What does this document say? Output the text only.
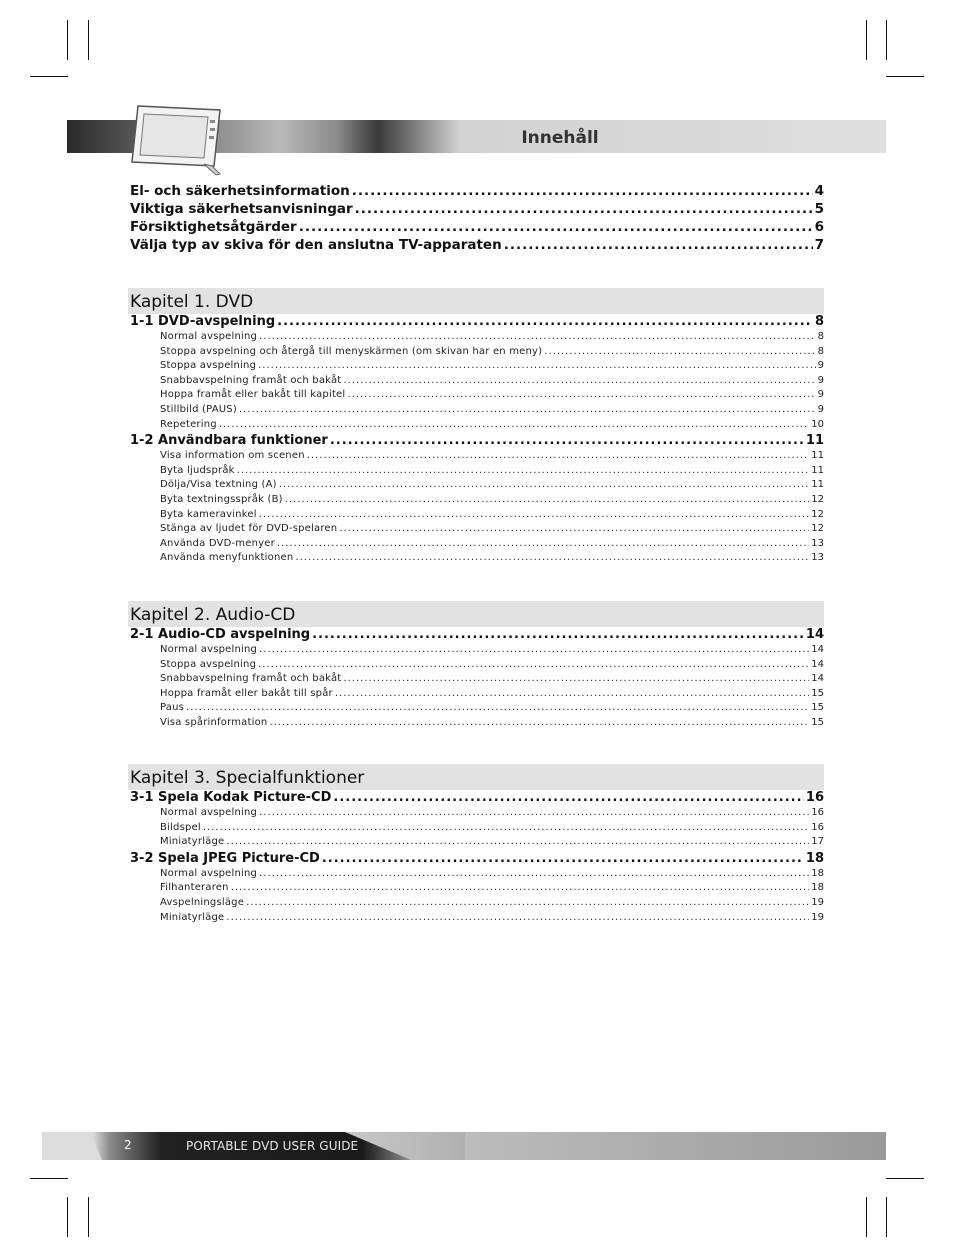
Innehåll
El- och säkerhetsinformation .....	4
Viktiga säkerhetsanvisningar .....	5
Försiktighetsåtgärder .....	6
Välja typ av skiva för den anslutna TV-apparaten .....	7
Kapitel 1. DVD
1-1 DVD-avspelning .....	8
Normal avspelning .....	8
Stoppa avspelning och återgå till menyskärmen (om skivan har en meny) .....	8
Stoppa avspelning .....	9
Snabbavspelning framåt och bakåt .....	9
Hoppa framåt eller bakåt till kapitel .....	9
Stillbild (PAUS) .....	9
Repetering .....	10
1-2 Användbara funktioner .....	11
Visa information om scenen .....	11
Byta ljudspråk .....	11
Dölja/Visa textning (A) .....	11
Byta textningsspråk (B) .....	12
Byta kameravinkel .....	12
Stänga av ljudet för DVD-spelaren .....	12
Använda DVD-menyer .....	13
Använda menyfunktionen .....	13
Kapitel 2. Audio-CD
2-1 Audio-CD avspelning .....	14
Normal avspelning .....	14
Stoppa avspelning .....	14
Snabbavspelning framåt och bakåt .....	14
Hoppa framåt eller bakåt till spår .....	15
Paus .....	15
Visa spårinformation .....	15
Kapitel 3. Specialfunktioner
3-1 Spela Kodak Picture-CD .....	16
Normal avspelning .....	16
Bildspel .....	16
Miniatyrläge .....	17
3-2 Spela JPEG Picture-CD .....	18
Normal avspelning .....	18
Filhanteraren .....	18
Avspelningsläge .....	19
Miniatyrläge .....	19
2	PORTABLE DVD USER GUIDE
